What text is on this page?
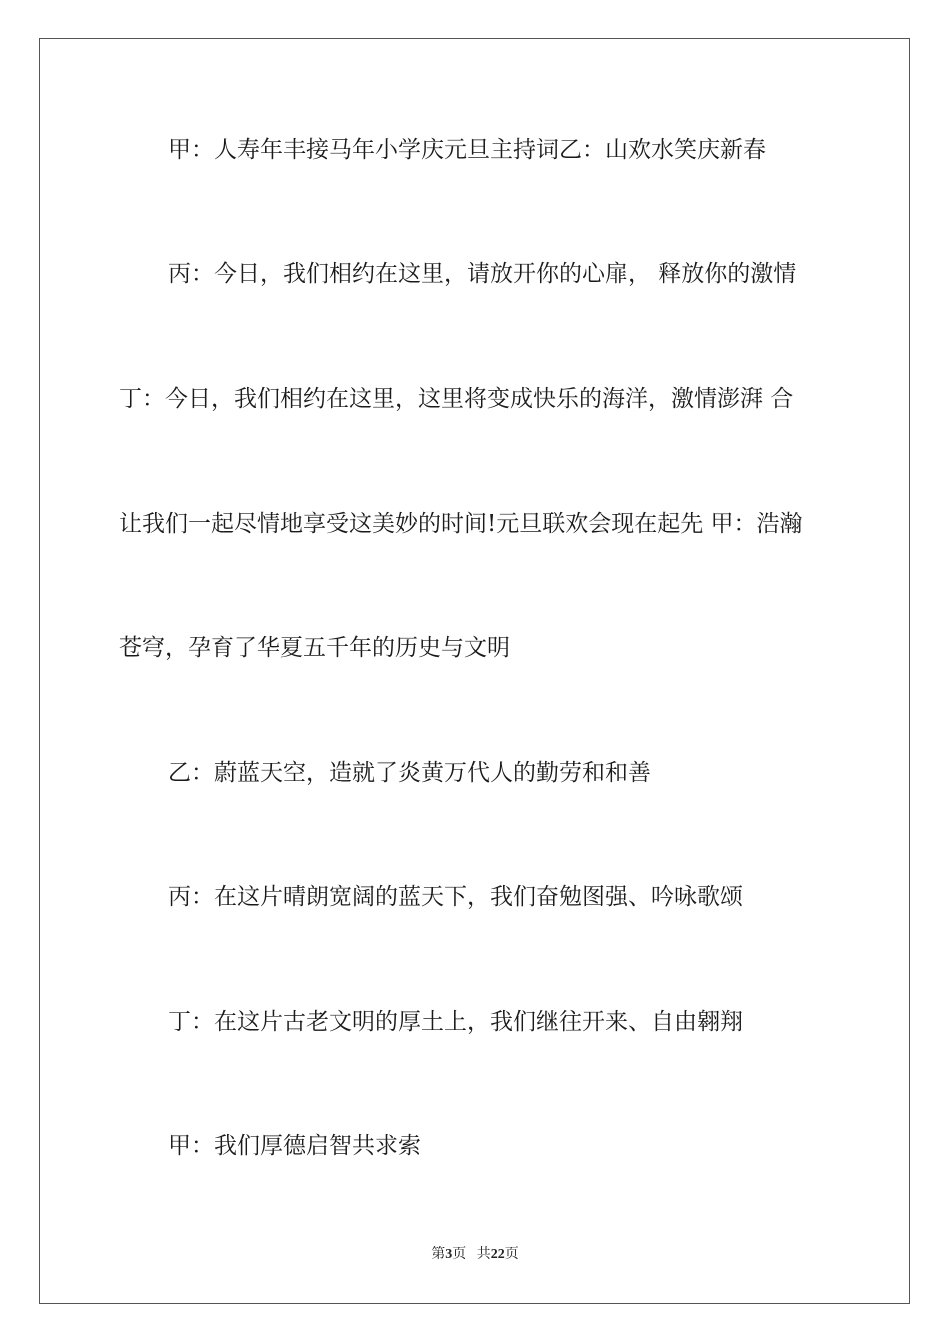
甲：人寿年丰接马年小学庆元旦主持词乙：山欢水笑庆新春
丙：今日，我们相约在这里，请放开你的心扉， 释放你的激情
丁：今日，我们相约在这里，这里将变成快乐的海洋，激情澎湃 合
让我们一起尽情地享受这美妙的时间!元旦联欢会现在起先 甲：浩瀚
苍穹，孕育了华夏五千年的历史与文明
乙：蔚蓝天空，造就了炎黄万代人的勤劳和和善
丙：在这片晴朗宽阔的蓝天下，我们奋勉图强、吟咏歌颂
丁：在这片古老文明的厚土上，我们继往开来、自由翱翔
甲：我们厚德启智共求索
第3页 共22页
